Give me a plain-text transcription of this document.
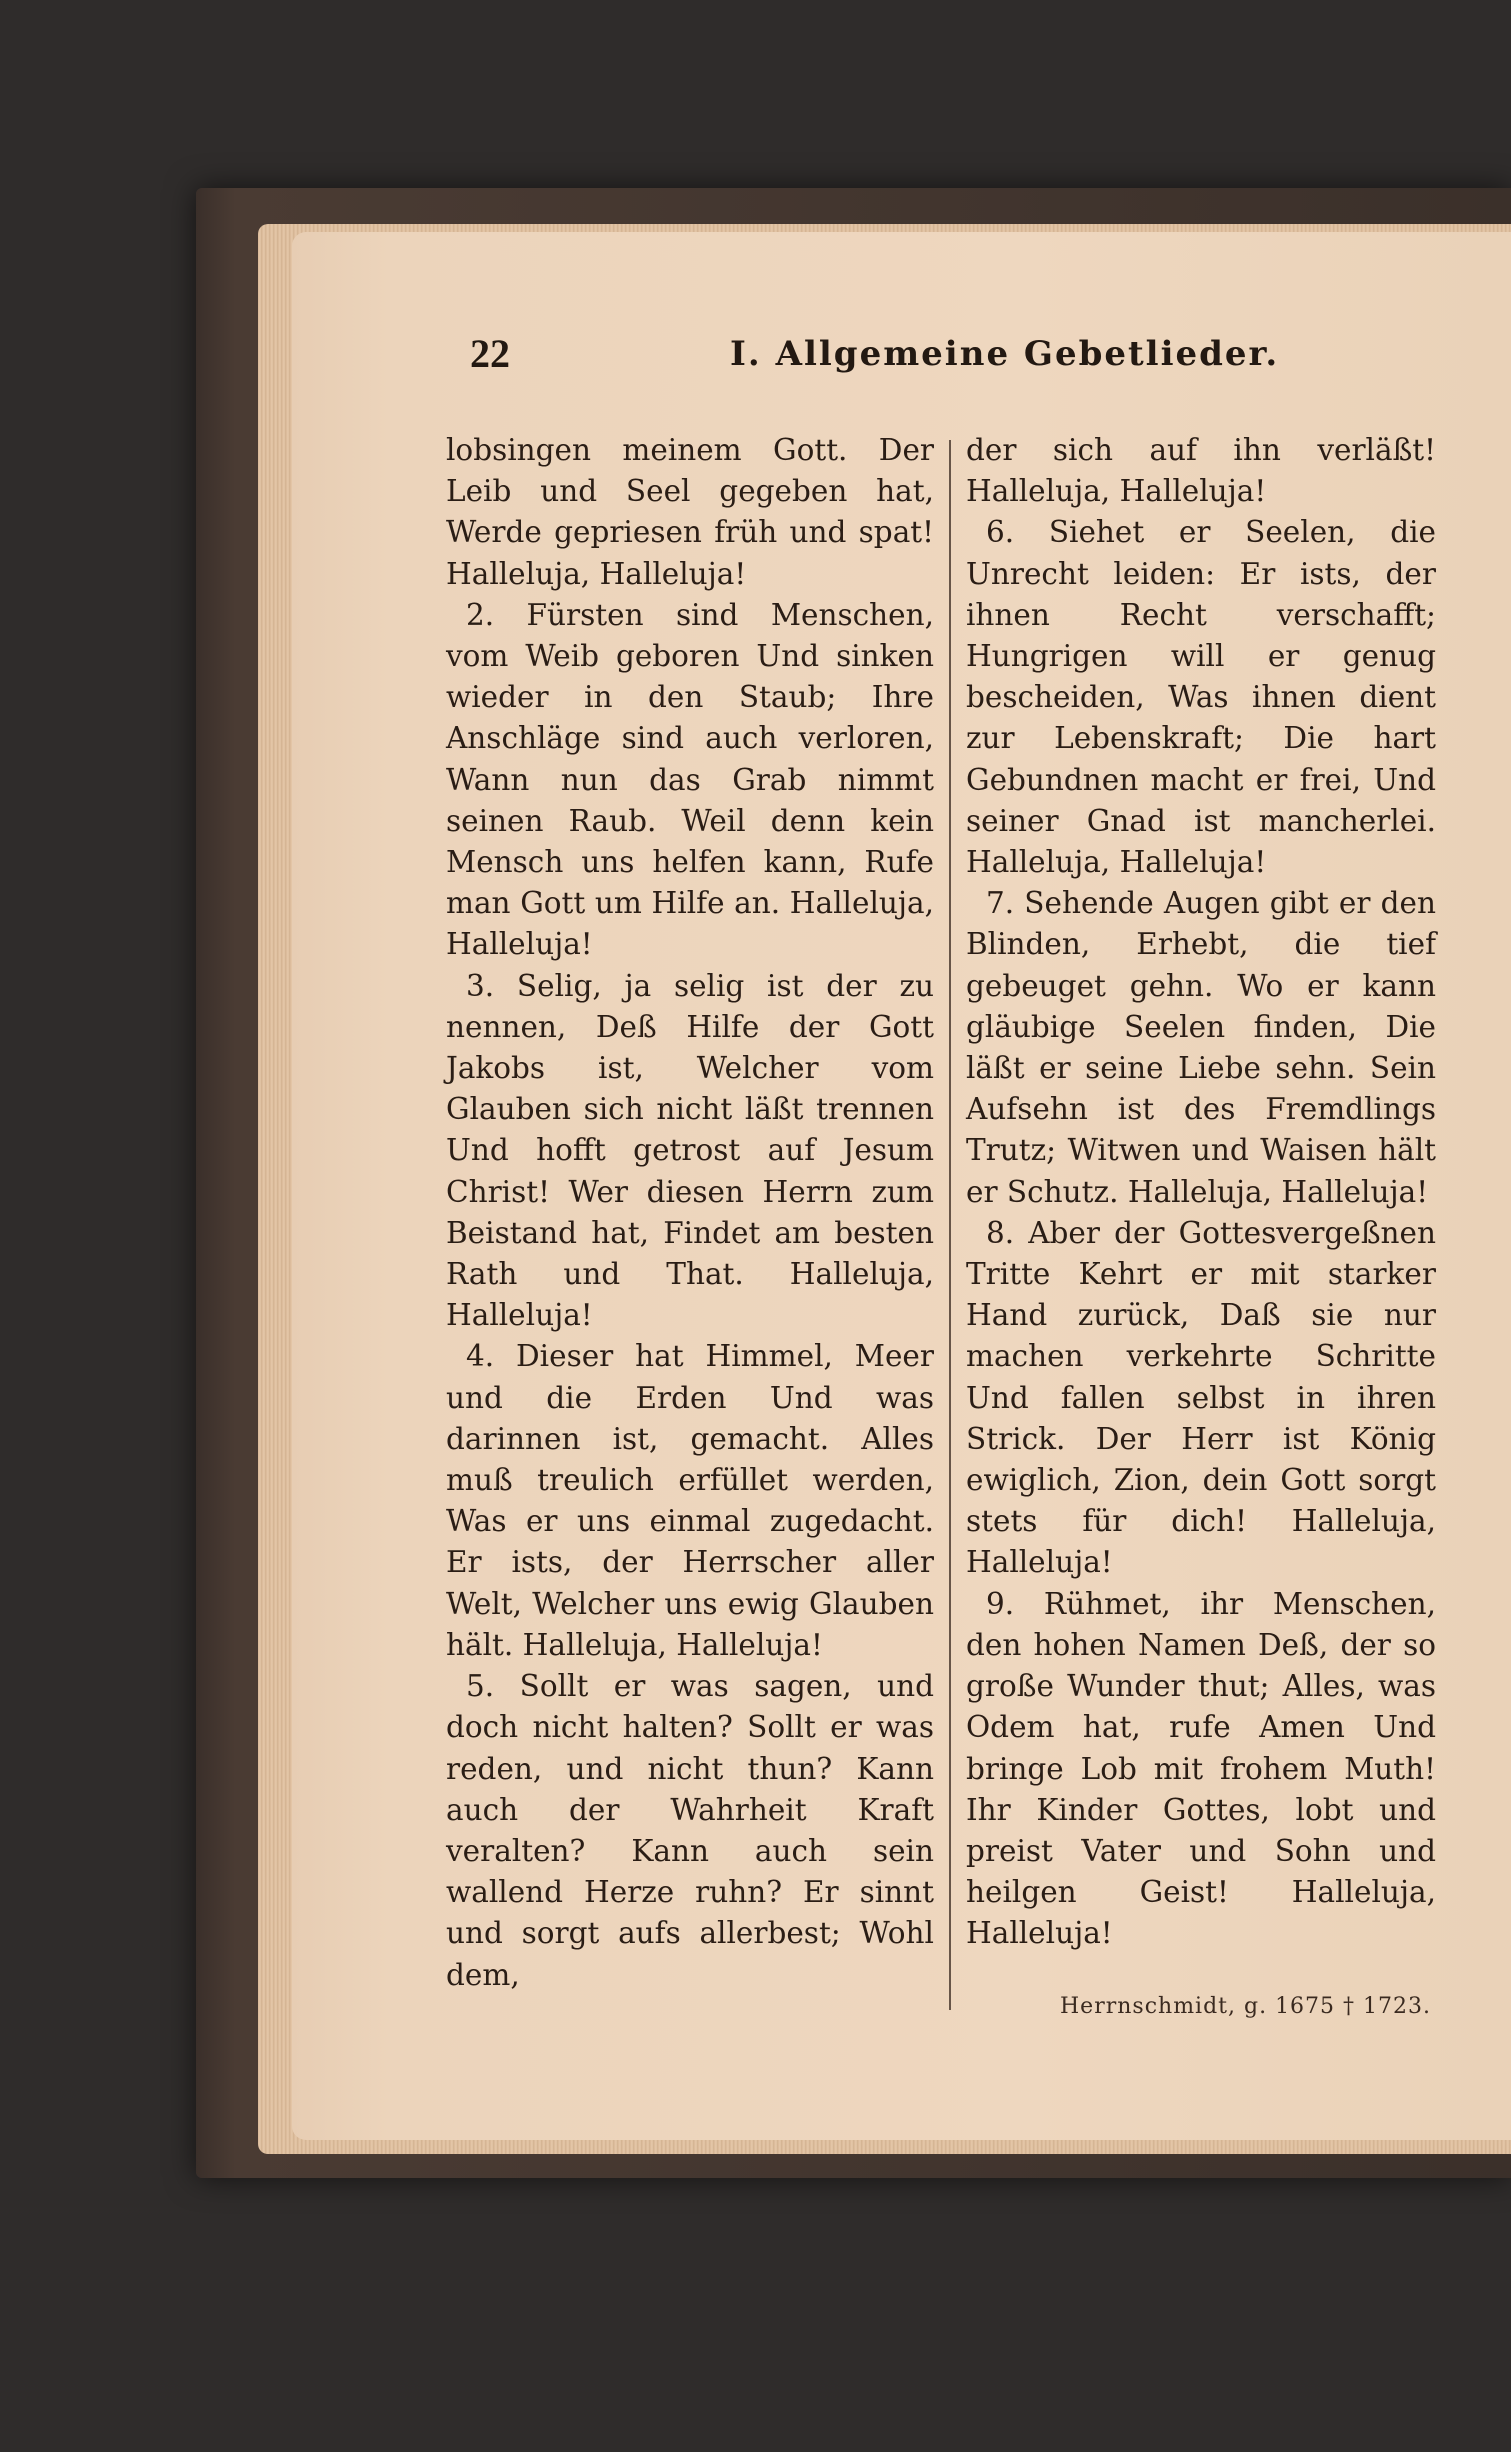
22	I. Allgemeine Gebetlieder.

lobsingen meinem Gott. Der Leib und Seel gegeben hat, Werde gepriesen früh und spat! Halleluja, Halleluja!

2. Fürsten sind Menschen, vom Weib geboren Und sinken wieder in den Staub; Ihre Anschläge sind auch verloren, Wann nun das Grab nimmt seinen Raub. Weil denn kein Mensch uns helfen kann, Rufe man Gott um Hilfe an. Halleluja, Halleluja!

3. Selig, ja selig ist der zu nennen, Deß Hilfe der Gott Jakobs ist, Welcher vom Glauben sich nicht läßt trennen Und hofft getrost auf Jesum Christ! Wer diesen Herrn zum Beistand hat, Findet am besten Rath und That. Halleluja, Halleluja!

4. Dieser hat Himmel, Meer und die Erden Und was darinnen ist, gemacht. Alles muß treulich erfüllet werden, Was er uns einmal zugedacht. Er ists, der Herrscher aller Welt, Welcher uns ewig Glauben hält. Halleluja, Halleluja!

5. Sollt er was sagen, und doch nicht halten? Sollt er was reden, und nicht thun? Kann auch der Wahrheit Kraft veralten? Kann auch sein wallend Herze ruhn? Er sinnt und sorgt aufs allerbest; Wohl dem,

der sich auf ihn verläßt! Halleluja, Halleluja!

6. Siehet er Seelen, die Unrecht leiden: Er ists, der ihnen Recht verschafft; Hungrigen will er genug bescheiden, Was ihnen dient zur Lebenskraft; Die hart Gebundnen macht er frei, Und seiner Gnad ist mancherlei. Halleluja, Halleluja!

7. Sehende Augen gibt er den Blinden, Erhebt, die tief gebeuget gehn. Wo er kann gläubige Seelen finden, Die läßt er seine Liebe sehn. Sein Aufsehn ist des Fremdlings Trutz; Witwen und Waisen hält er Schutz. Halleluja, Halleluja!

8. Aber der Gottesvergeßnen Tritte Kehrt er mit starker Hand zurück, Daß sie nur machen verkehrte Schritte Und fallen selbst in ihren Strick. Der Herr ist König ewiglich, Zion, dein Gott sorgt stets für dich! Halleluja, Halleluja!

9. Rühmet, ihr Menschen, den hohen Namen Deß, der so große Wunder thut; Alles, was Odem hat, rufe Amen Und bringe Lob mit frohem Muth! Ihr Kinder Gottes, lobt und preist Vater und Sohn und heilgen Geist! Halleluja, Halleluja!

Herrnschmidt, g. 1675 † 1723.
